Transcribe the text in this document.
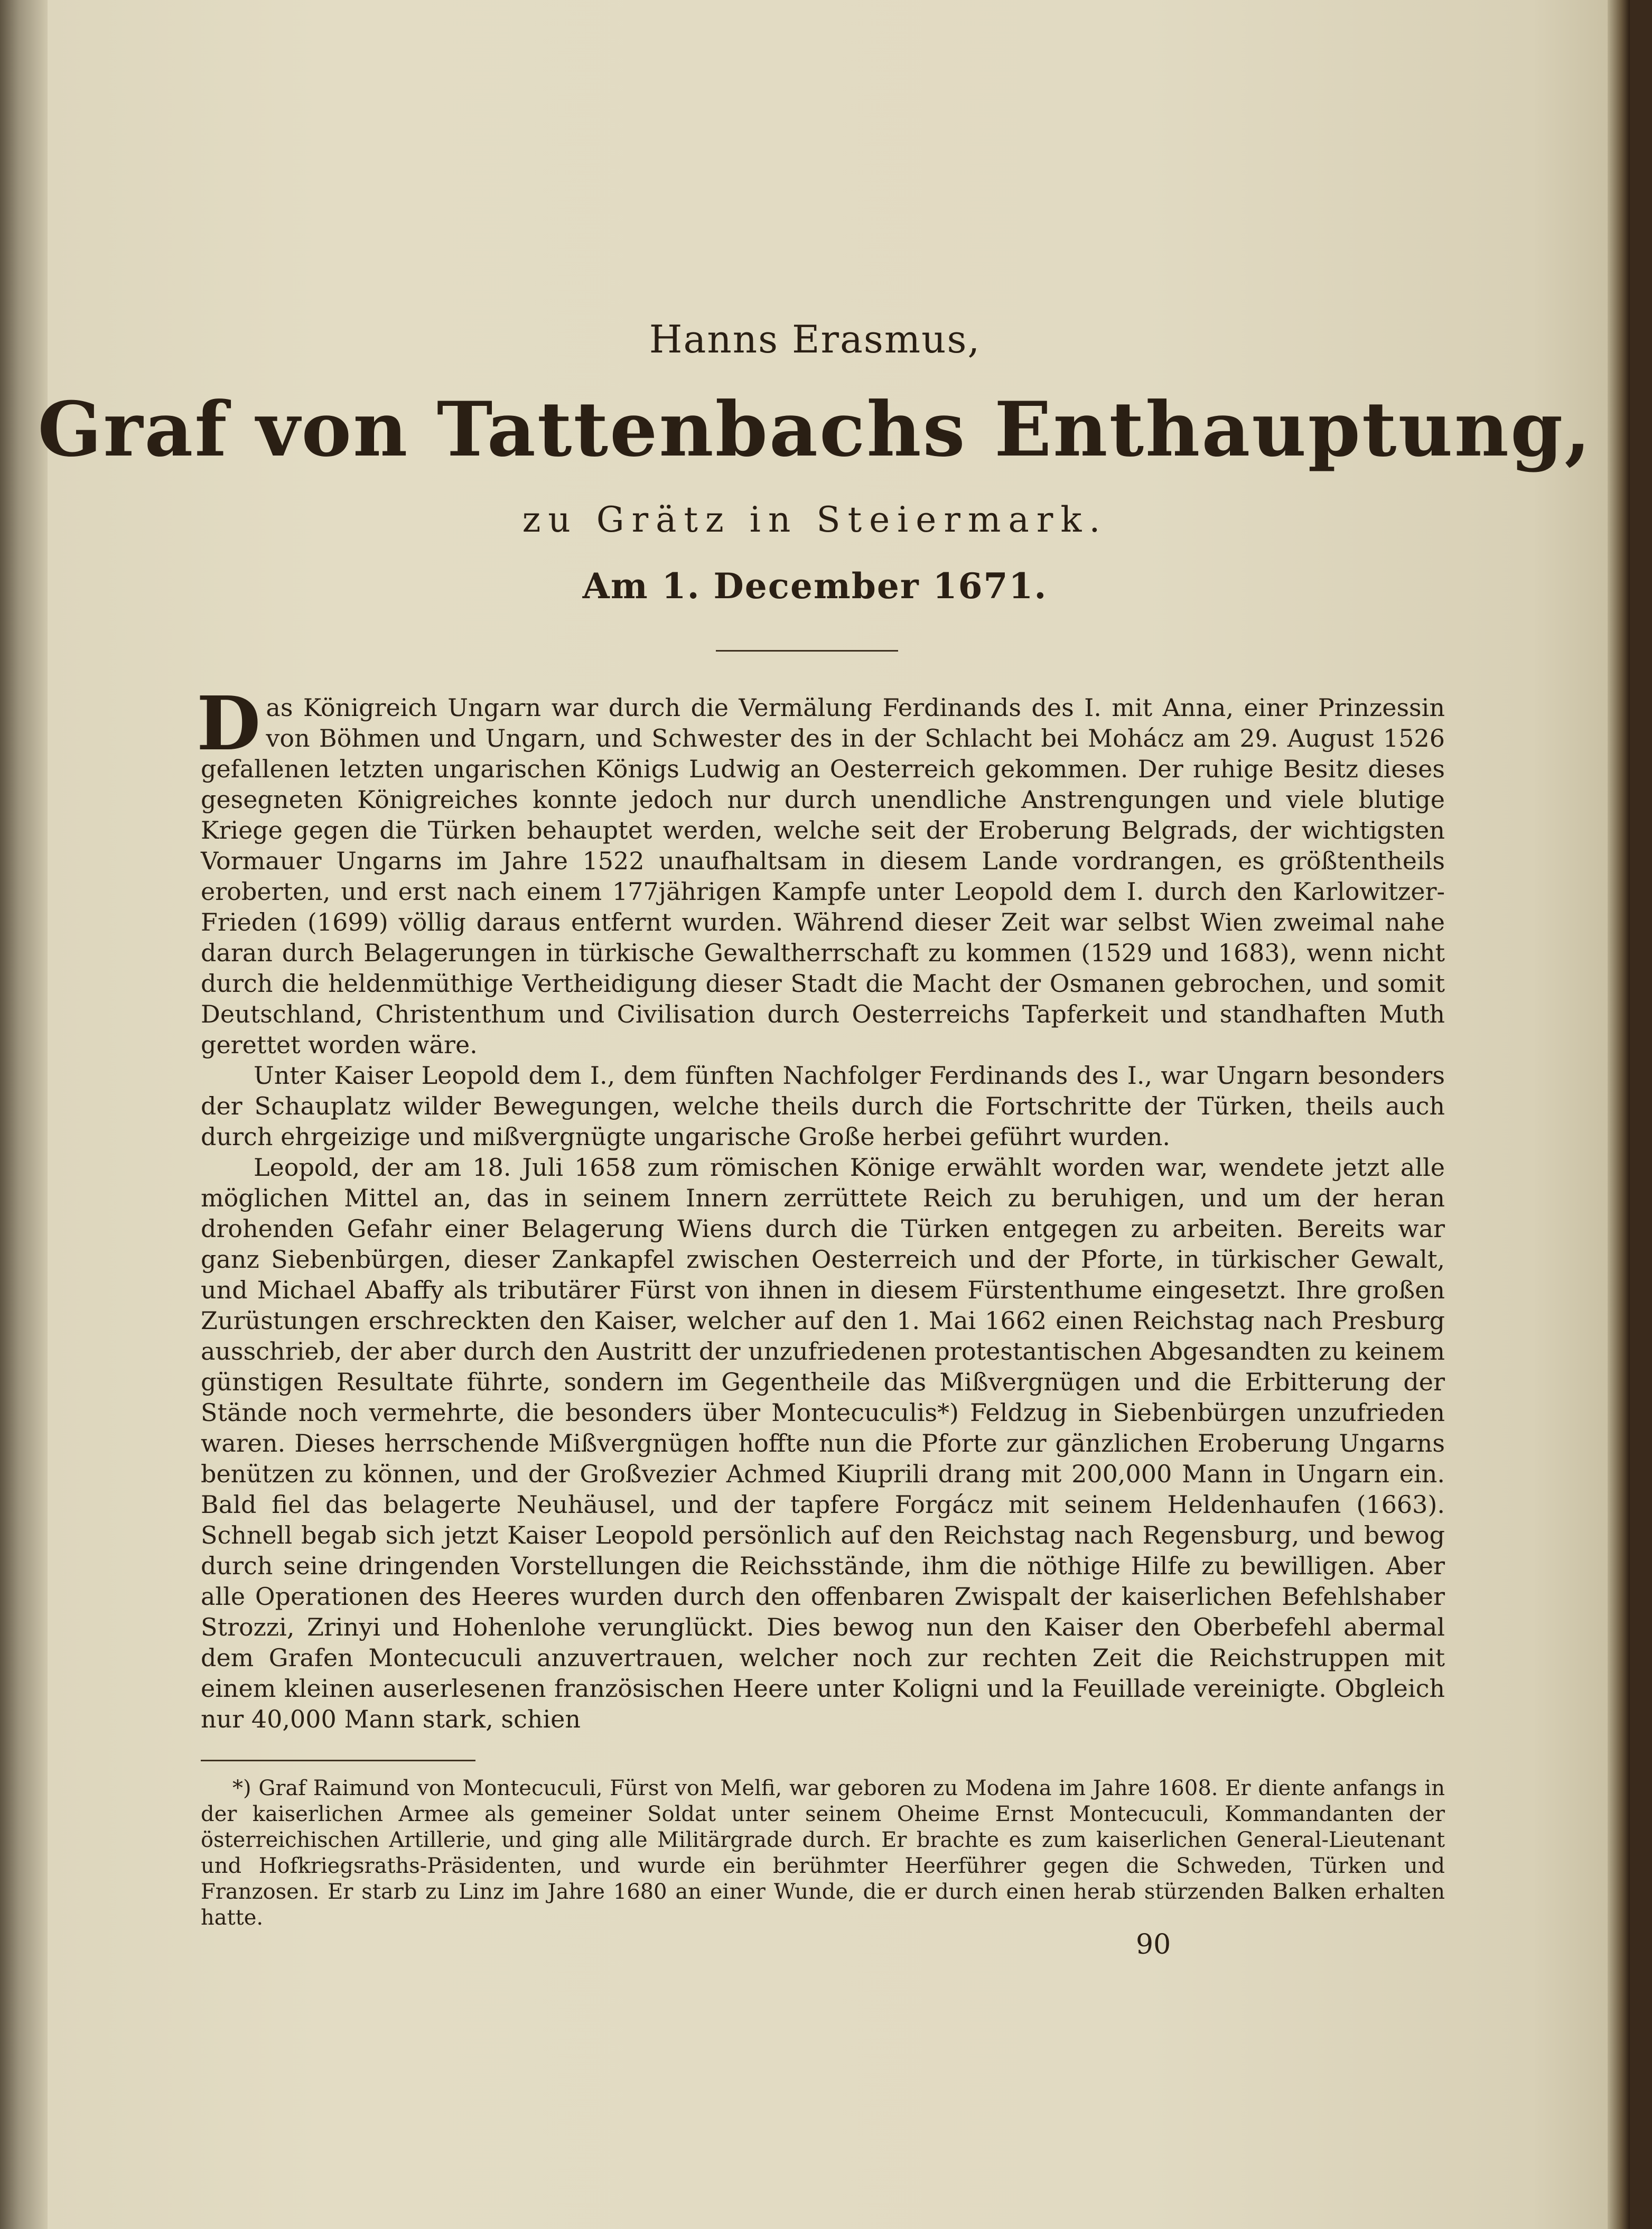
Hanns Erasmus,
Graf von Tattenbachs Enthauptung,
zu Grätz in Steiermark.
Am 1. December 1671.

Das Königreich Ungarn war durch die Vermälung Ferdinands des I. mit Anna, einer Prinzessin von Böhmen und Ungarn, und Schwester des in der Schlacht bei Mohácz am 29. August 1526 gefallenen letzten ungarischen Königs Ludwig an Oesterreich gekommen. Der ruhige Besitz dieses gesegneten Königreiches konnte jedoch nur durch unendliche Anstrengungen und viele blutige Kriege gegen die Türken behauptet werden, welche seit der Eroberung Belgrads, der wichtigsten Vormauer Ungarns im Jahre 1522 unaufhaltsam in diesem Lande vordrangen, es größtentheils eroberten, und erst nach einem 177jährigen Kampfe unter Leopold dem I. durch den Karlowitzer-Frieden (1699) völlig daraus entfernt wurden. Während dieser Zeit war selbst Wien zweimal nahe daran durch Belagerungen in türkische Gewaltherrschaft zu kommen (1529 und 1683), wenn nicht durch die heldenmüthige Vertheidigung dieser Stadt die Macht der Osmanen gebrochen, und somit Deutschland, Christenthum und Civilisation durch Oesterreichs Tapferkeit und standhaften Muth gerettet worden wäre.

Unter Kaiser Leopold dem I., dem fünften Nachfolger Ferdinands des I., war Ungarn besonders der Schauplatz wilder Bewegungen, welche theils durch die Fortschritte der Türken, theils auch durch ehrgeizige und mißvergnügte ungarische Große herbei geführt wurden.

Leopold, der am 18. Juli 1658 zum römischen Könige erwählt worden war, wendete jetzt alle möglichen Mittel an, das in seinem Innern zerrüttete Reich zu beruhigen, und um der heran drohenden Gefahr einer Belagerung Wiens durch die Türken entgegen zu arbeiten. Bereits war ganz Siebenbürgen, dieser Zankapfel zwischen Oesterreich und der Pforte, in türkischer Gewalt, und Michael Abaffy als tributärer Fürst von ihnen in diesem Fürstenthume eingesetzt. Ihre großen Zurüstungen erschreckten den Kaiser, welcher auf den 1. Mai 1662 einen Reichstag nach Presburg ausschrieb, der aber durch den Austritt der unzufriedenen protestantischen Abgesandten zu keinem günstigen Resultate führte, sondern im Gegentheile das Mißvergnügen und die Erbitterung der Stände noch vermehrte, die besonders über Montecuculis*) Feldzug in Siebenbürgen unzufrieden waren. Dieses herrschende Mißvergnügen hoffte nun die Pforte zur gänzlichen Eroberung Ungarns benützen zu können, und der Großvezier Achmed Kiuprili drang mit 200,000 Mann in Ungarn ein. Bald fiel das belagerte Neuhäusel, und der tapfere Forgácz mit seinem Heldenhaufen (1663). Schnell begab sich jetzt Kaiser Leopold persönlich auf den Reichstag nach Regensburg, und bewog durch seine dringenden Vorstellungen die Reichsstände, ihm die nöthige Hilfe zu bewilligen. Aber alle Operationen des Heeres wurden durch den offenbaren Zwispalt der kaiserlichen Befehlshaber Strozzi, Zrinyi und Hohenlohe verunglückt. Dies bewog nun den Kaiser den Oberbefehl abermal dem Grafen Montecuculi anzuvertrauen, welcher noch zur rechten Zeit die Reichstruppen mit einem kleinen auserlesenen französischen Heere unter Koligni und la Feuillade vereinigte. Obgleich nur 40,000 Mann stark, schien

*) Graf Raimund von Montecuculi, Fürst von Melfi, war geboren zu Modena im Jahre 1608. Er diente anfangs in der kaiserlichen Armee als gemeiner Soldat unter seinem Oheime Ernst Montecuculi, Kommandanten der österreichischen Artillerie, und ging alle Militärgrade durch. Er brachte es zum kaiserlichen General-Lieutenant und Hofkriegsraths-Präsidenten, und wurde ein berühmter Heerführer gegen die Schweden, Türken und Franzosen. Er starb zu Linz im Jahre 1680 an einer Wunde, die er durch einen herab stürzenden Balken erhalten hatte.

90
